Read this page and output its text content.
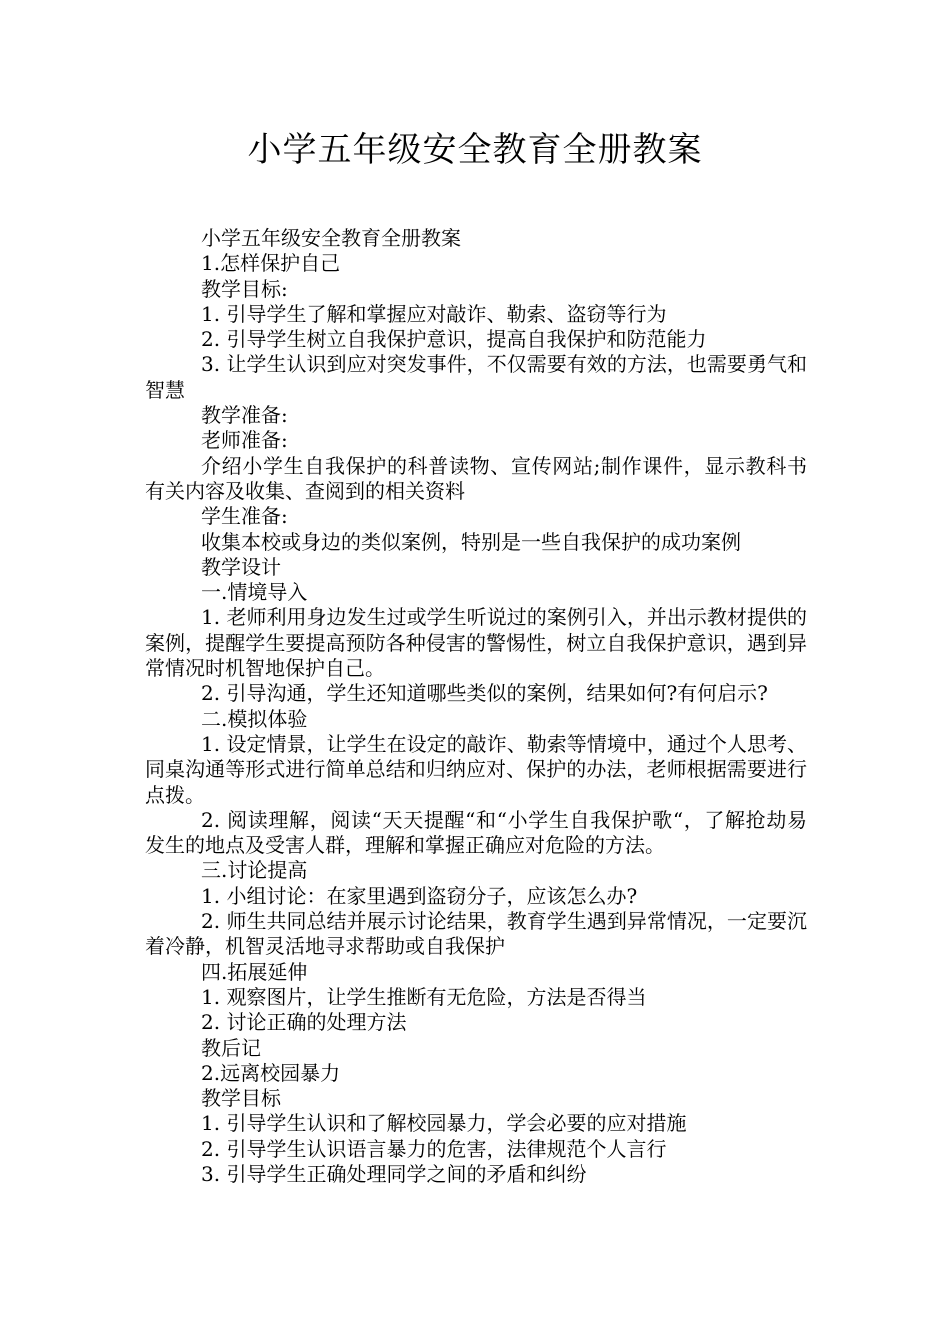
小学五年级安全教育全册教案

小学五年级安全教育全册教案

1.怎样保护自己

教学目标:

1. 引导学生了解和掌握应对敲诈、勒索、盗窃等行为

2. 引导学生树立自我保护意识，提高自我保护和防范能力

3. 让学生认识到应对突发事件，不仅需要有效的方法，也需要勇气和智慧

教学准备:

老师准备:

介绍小学生自我保护的科普读物、宣传网站;制作课件，显示教科书有关内容及收集、查阅到的相关资料

学生准备:

收集本校或身边的类似案例，特别是一些自我保护的成功案例

教学设计

一.情境导入

1. 老师利用身边发生过或学生听说过的案例引入，并出示教材提供的案例，提醒学生要提高预防各种侵害的警惕性，树立自我保护意识，遇到异常情况时机智地保护自己。

2. 引导沟通，学生还知道哪些类似的案例，结果如何?有何启示?

二.模拟体验

1. 设定情景，让学生在设定的敲诈、勒索等情境中，通过个人思考、同桌沟通等形式进行简单总结和归纳应对、保护的办法，老师根据需要进行点拨。

2. 阅读理解，阅读“天天提醒“和“小学生自我保护歌“，了解抢劫易发生的地点及受害人群，理解和掌握正确应对危险的方法。

三.讨论提高

1. 小组讨论：在家里遇到盗窃分子，应该怎么办?

2. 师生共同总结并展示讨论结果，教育学生遇到异常情况，一定要沉着冷静，机智灵活地寻求帮助或自我保护

四.拓展延伸

1. 观察图片，让学生推断有无危险，方法是否得当

2. 讨论正确的处理方法

教后记

2.远离校园暴力

教学目标

1. 引导学生认识和了解校园暴力，学会必要的应对措施

2. 引导学生认识语言暴力的危害，法律规范个人言行

3. 引导学生正确处理同学之间的矛盾和纠纷
